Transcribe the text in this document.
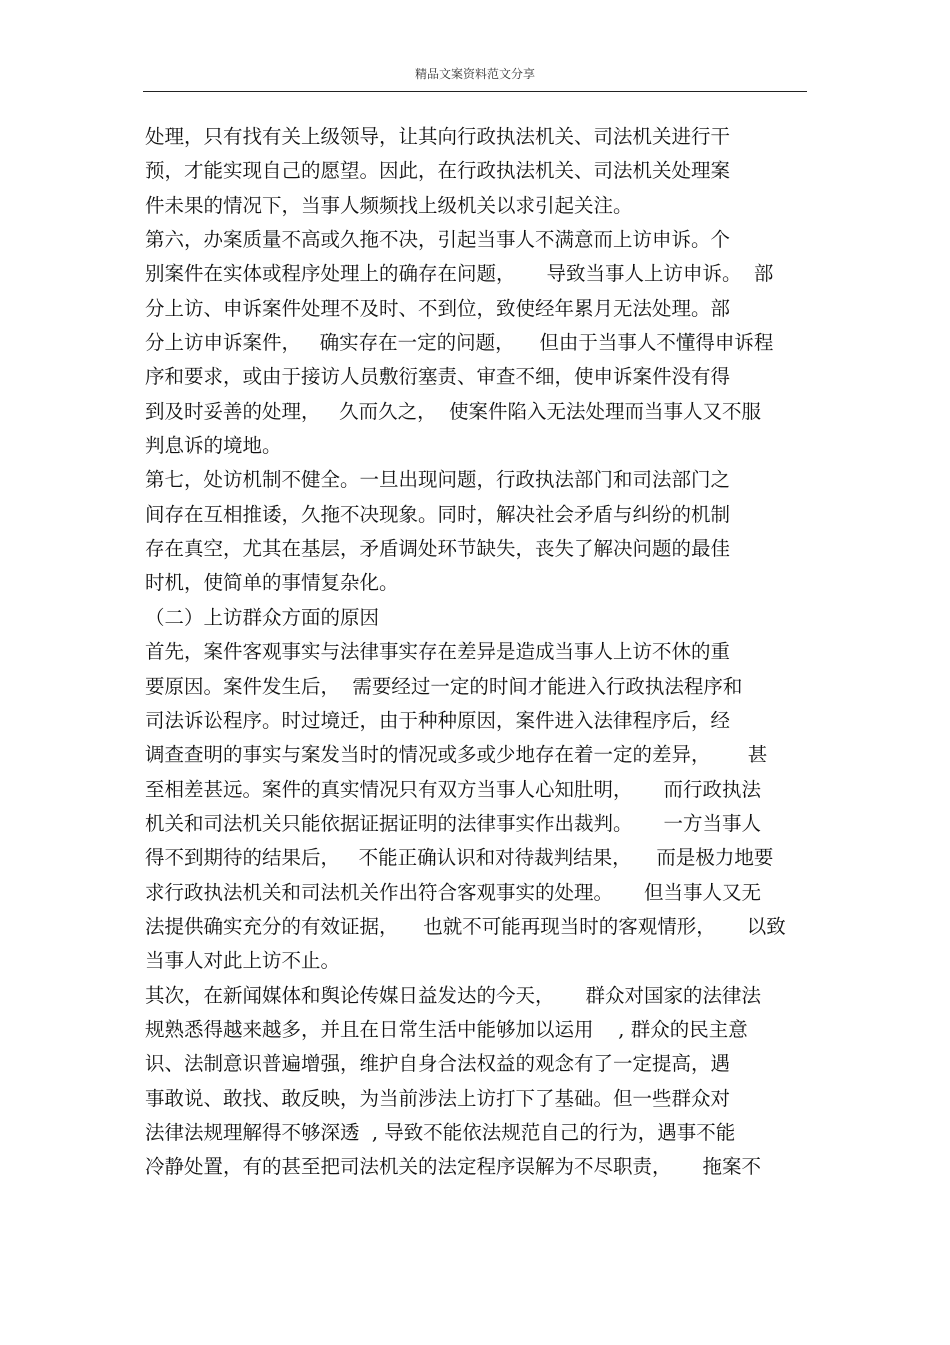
精品文案资料范文分享
处理，只有找有关上级领导，让其向行政执法机关、司法机关进行干
预，才能实现自己的愿望。因此，在行政执法机关、司法机关处理案
件未果的情况下，当事人频频找上级机关以求引起关注。
第六，办案质量不高或久拖不决，引起当事人不满意而上访申诉。个
别案件在实体或程序处理上的确存在问题，     导致当事人上访申诉。  部
分上访、申诉案件处理不及时、不到位，致使经年累月无法处理。部
分上访申诉案件，   确实存在一定的问题，    但由于当事人不懂得申诉程
序和要求，或由于接访人员敷衍塞责、审查不细，使申诉案件没有得
到及时妥善的处理，   久而久之，  使案件陷入无法处理而当事人又不服
判息诉的境地。
第七，处访机制不健全。一旦出现问题，行政执法部门和司法部门之
间存在互相推诿，久拖不决现象。同时，解决社会矛盾与纠纷的机制
存在真空，尤其在基层，矛盾调处环节缺失，丧失了解决问题的最佳
时机，使简单的事情复杂化。
（二）上访群众方面的原因
首先，案件客观事实与法律事实存在差异是造成当事人上访不休的重
要原因。案件发生后，  需要经过一定的时间才能进入行政执法程序和
司法诉讼程序。时过境迁，由于种种原因，案件进入法律程序后，经
调查查明的事实与案发当时的情况或多或少地存在着一定的差异，      甚
至相差甚远。案件的真实情况只有双方当事人心知肚明，     而行政执法
机关和司法机关只能依据证据证明的法律事实作出裁判。     一方当事人
得不到期待的结果后，   不能正确认识和对待裁判结果，    而是极力地要
求行政执法机关和司法机关作出符合客观事实的处理。     但当事人又无
法提供确实充分的有效证据，    也就不可能再现当时的客观情形，     以致
当事人对此上访不止。
其次，在新闻媒体和舆论传媒日益发达的今天，     群众对国家的法律法
规熟悉得越来越多，并且在日常生活中能够加以运用    , 群众的民主意
识、法制意识普遍增强，维护自身合法权益的观念有了一定提高，遇
事敢说、敢找、敢反映，为当前涉法上访打下了基础。但一些群众对
法律法规理解得不够深透  , 导致不能依法规范自己的行为，遇事不能
冷静处置，有的甚至把司法机关的法定程序误解为不尽职责，     拖案不
